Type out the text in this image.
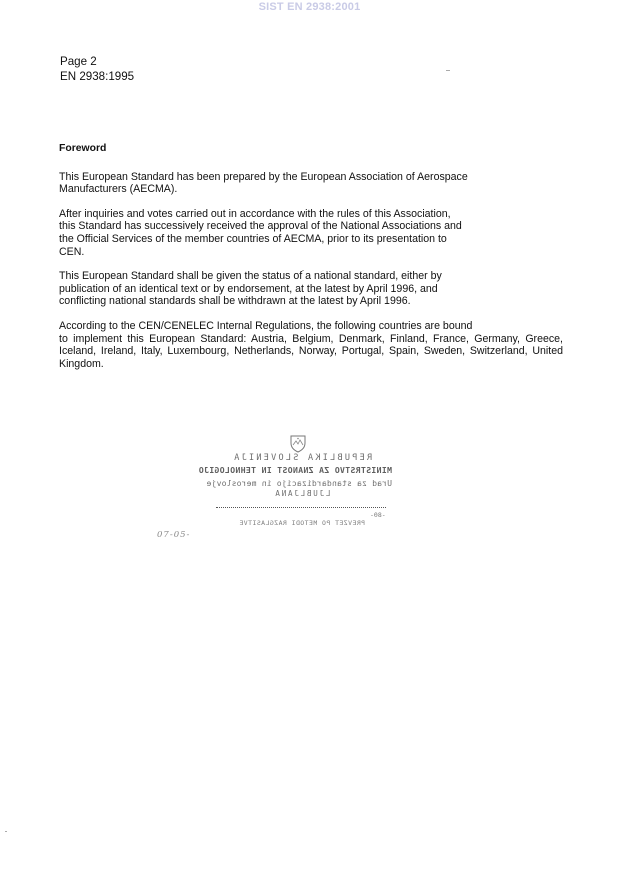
SIST EN 2938:2001
Page 2
EN 2938:1995
Foreword
This European Standard has been prepared by the European Association of Aerospace
Manufacturers (AECMA).
After inquiries and votes carried out in accordance with the rules of this Association,
this Standard has successively received the approval of the National Associations and
the Official Services of the member countries of AECMA, prior to its presentation to
CEN.
This European Standard shall be given the status of a national standard, either by
publication of an identical text or by endorsement, at the latest by April 1996, and
conflicting national standards shall be withdrawn at the latest by April 1996.
According to the CEN/CENELEC Internal Regulations, the following countries are bound
to implement this European Standard: Austria, Belgium, Denmark, Finland, France, Germany, Greece, Iceland, Ireland, Italy, Luxembourg, Netherlands, Norway, Portugal, Spain, Sweden, Switzerland, United Kingdom.
REPUBLIKA SLOVENIJA
MINISTRSTVO ZA ZNANOST IN TEHNOLOGIJO
Urad za standardizacijo in meroslovje
LJUBLJANA
-08-
PREVZET PO METODI RAZGLASITVE
07-05-
